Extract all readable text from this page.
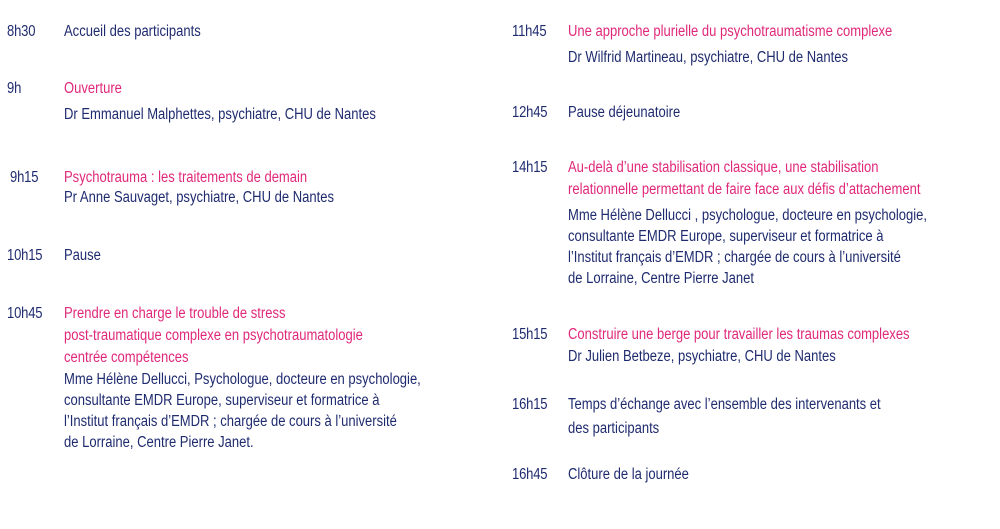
8h30 Accueil des participants

9h	Ouverture

Dr Emmanuel Malphettes, psychiatre, CHU de Nantes

9h15 Psychotrauma : les traitements de demain

Pr Anne Sauvaget, psychiatre, CHU de Nantes

10h15 Pause

10h45 Prendre en charge le trouble de stress
post-traumatique complexe en psychotraumatologie
centrée compétences

Mme Hélène Dellucci, Psychologue, docteure en psychologie,
consultante EMDR Europe, superviseur et formatrice à
l’Institut français d’EMDR ; chargée de cours à l’université
de Lorraine, Centre Pierre Janet.

11h45 Une approche plurielle du psychotraumatisme complexe

Dr Wilfrid Martineau, psychiatre, CHU de Nantes

12h45 Pause déjeunatoire

14h15 Au-delà d’une stabilisation classique, une stabilisation
relationnelle permettant de faire face aux défis d’attachement

Mme Hélène Dellucci , psychologue, docteure en psychologie,
consultante EMDR Europe, superviseur et formatrice à
l’Institut français d’EMDR ; chargée de cours à l’université
de Lorraine, Centre Pierre Janet

15h15 Construire une berge pour travailler les traumas complexes

Dr Julien Betbeze, psychiatre, CHU de Nantes

16h15 Temps d’échange avec l’ensemble des intervenants et
des participants

16h45 Clôture de la journée
